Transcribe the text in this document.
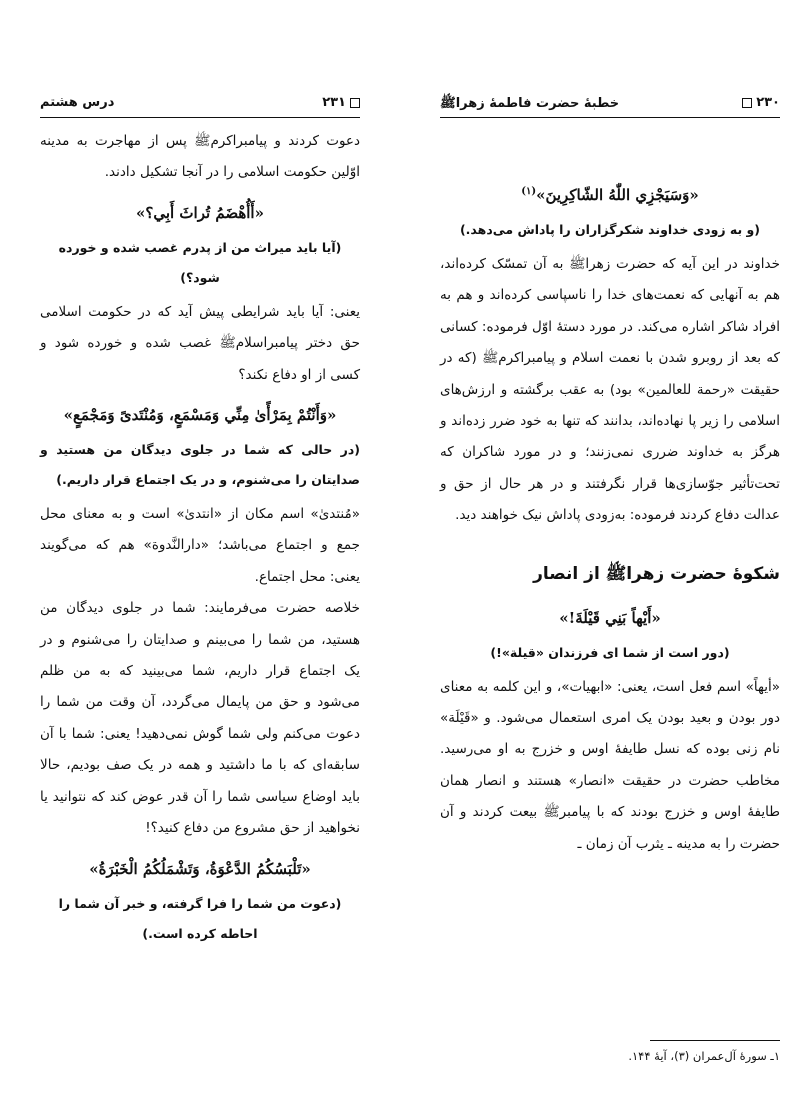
۲۳۱
درس هشتم

دعوت کردند و پیامبراکرمﷺ پس از مهاجرت به مدینه اوّلین حکومت اسلامی را در آنجا تشکیل دادند.

«أَأُهْضَمُ تُراثَ أَبِي؟»
(آیا باید میراث من از پدرم غصب شده و خورده شود؟)

یعنی: آیا باید شرایطی پیش آید که در حکومت اسلامی حق دختر پیامبراسلامﷺ غصب شده و خورده شود و کسی از او دفاع نکند؟

«وَأَنْتُمْ بِمَرْأًىٰ مِنِّي وَمَسْمَعٍ، وَمُنْتَدىً وَمَجْمَعٍ»
(در حالی که شما در جلوی دیدگان من هستید و صدایتان را می‌شنوم، و در یک اجتماع قرار داریم.)

«مُنتدیٰ» اسم مکان از «انتدیٰ» است و به معنای محل جمع و اجتماع می‌باشد؛ «دارالنَّدوة» هم که می‌گویند یعنی: محل اجتماع.

خلاصه حضرت می‌فرمایند: شما در جلوی دیدگان من هستید، من شما را می‌بینم و صدایتان را می‌شنوم و در یک اجتماع قرار داریم، شما می‌بینید که به من ظلم می‌شود و حق من پایمال می‌گردد، آن وقت من شما را دعوت می‌کنم ولی شما گوش نمی‌دهید! یعنی: شما با آن سابقه‌ای که با ما داشتید و همه در یک صف بودیم، حالا باید اوضاع سیاسی شما را آن قدر عوض کند که نتوانید یا نخواهید از حق مشروع من دفاع کنید؟!

«تَلْبَسُكُمُ الدَّعْوَةُ، وَتَشْمَلُكُمُ الْخَبْرَةُ»
(دعوت من شما را فرا گرفته، و خبر آن شما را احاطه کرده است.)
۲۳۰
خطبهٔ حضرت فاطمهٔ زهراﷺ
«وَسَيَجْزِي اللّٰهُ الشّاكِرِينَ»$^{(۱)}$
(و به زودی خداوند شکرگزاران را پاداش می‌دهد.)

خداوند در این آیه که حضرت زهراﷺ به آن تمسّک کرده‌اند، هم به آنهایی که نعمت‌های خدا را ناسپاسی کرده‌اند و هم به افراد شاکر اشاره می‌کند. در مورد دستهٔ اوّل فرموده: کسانی که بعد از روبرو شدن با نعمت اسلام و پیامبراکرمﷺ (که در حقیقت «رحمة للعالمین» بود) به عقب برگشته و ارزش‌های اسلامی را زیر پا نهاده‌اند، بدانند که تنها به خود ضرر زده‌اند و هرگز به خداوند ضرری نمی‌زنند؛ و در مورد شاکران که تحت‌تأثیر جوّسازی‌ها قرار نگرفتند و در هر حال از حق و عدالت دفاع کردند فرموده: به‌زودی پاداش نیک خواهند دید.

شکوهٔ حضرت زهراﷺ از انصار
«أَيْهاً بَنِي قَيْلَةَ!»
(دور است از شما ای فرزندان «قیلة»!)

«أيهاً» اسم فعل است، یعنی: «ابهیات»، و این کلمه به معنای دور بودن و بعید بودن یک امری استعمال می‌شود. و «قَیْلَة» نام زنی بوده که نسل طایفهٔ اوس و خزرج به او می‌رسید. مخاطب حضرت در حقیقت «انصار» هستند و انصار همان طایفهٔ اوس و خزرج بودند که با پیامبرﷺ بیعت کردند و آن حضرت را به مدینه ـ یثرب آن زمان ـ

۱ـ سورهٔ آل‌عمران (۳)، آیهٔ ۱۴۴.
